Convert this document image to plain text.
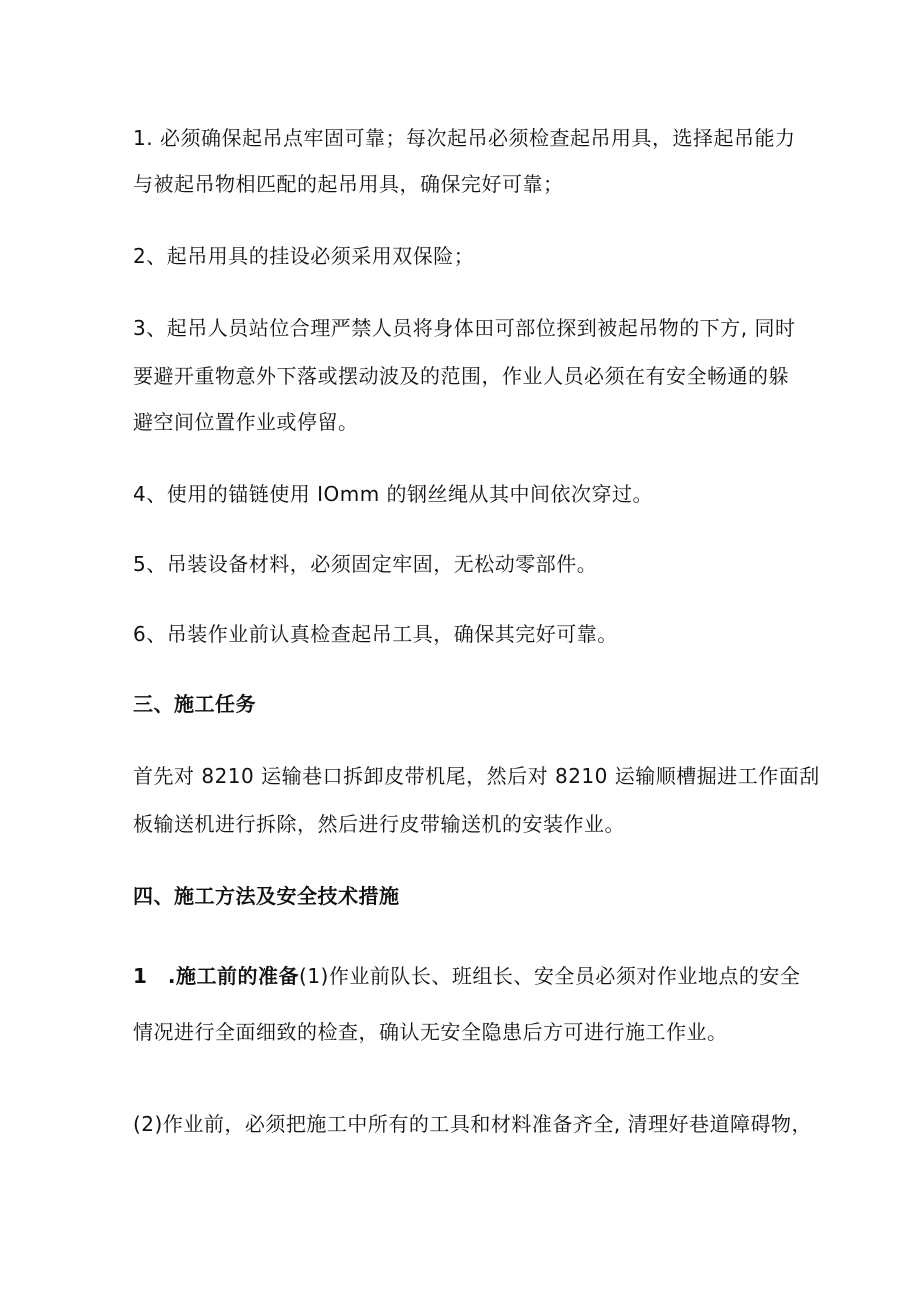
1. 必须确保起吊点牢固可靠；每次起吊必须检查起吊用具，选择起吊能力
与被起吊物相匹配的起吊用具，确保完好可靠；
2、起吊用具的挂设必须采用双保险；
3、起吊人员站位合理严禁人员将身体田可部位探到被起吊物的下方, 同时
要避开重物意外下落或摆动波及的范围，作业人员必须在有安全畅通的躲
避空间位置作业或停留。
4、使用的锚链使用 IOmm 的钢丝绳从其中间依次穿过。
5、吊装设备材料，必须固定牢固，无松动零部件。
6、吊装作业前认真检查起吊工具，确保其完好可靠。
三、施工任务
首先对 8210 运输巷口拆卸皮带机尾，然后对 8210 运输顺槽掘进工作面刮
板输送机进行拆除，然后进行皮带输送机的安装作业。
四、施工方法及安全技术措施
1　.施工前的准备(1)作业前队长、班组长、安全员必须对作业地点的安全
情况进行全面细致的检查，确认无安全隐患后方可进行施工作业。
(2)作业前，必须把施工中所有的工具和材料准备齐全, 清理好巷道障碍物，
